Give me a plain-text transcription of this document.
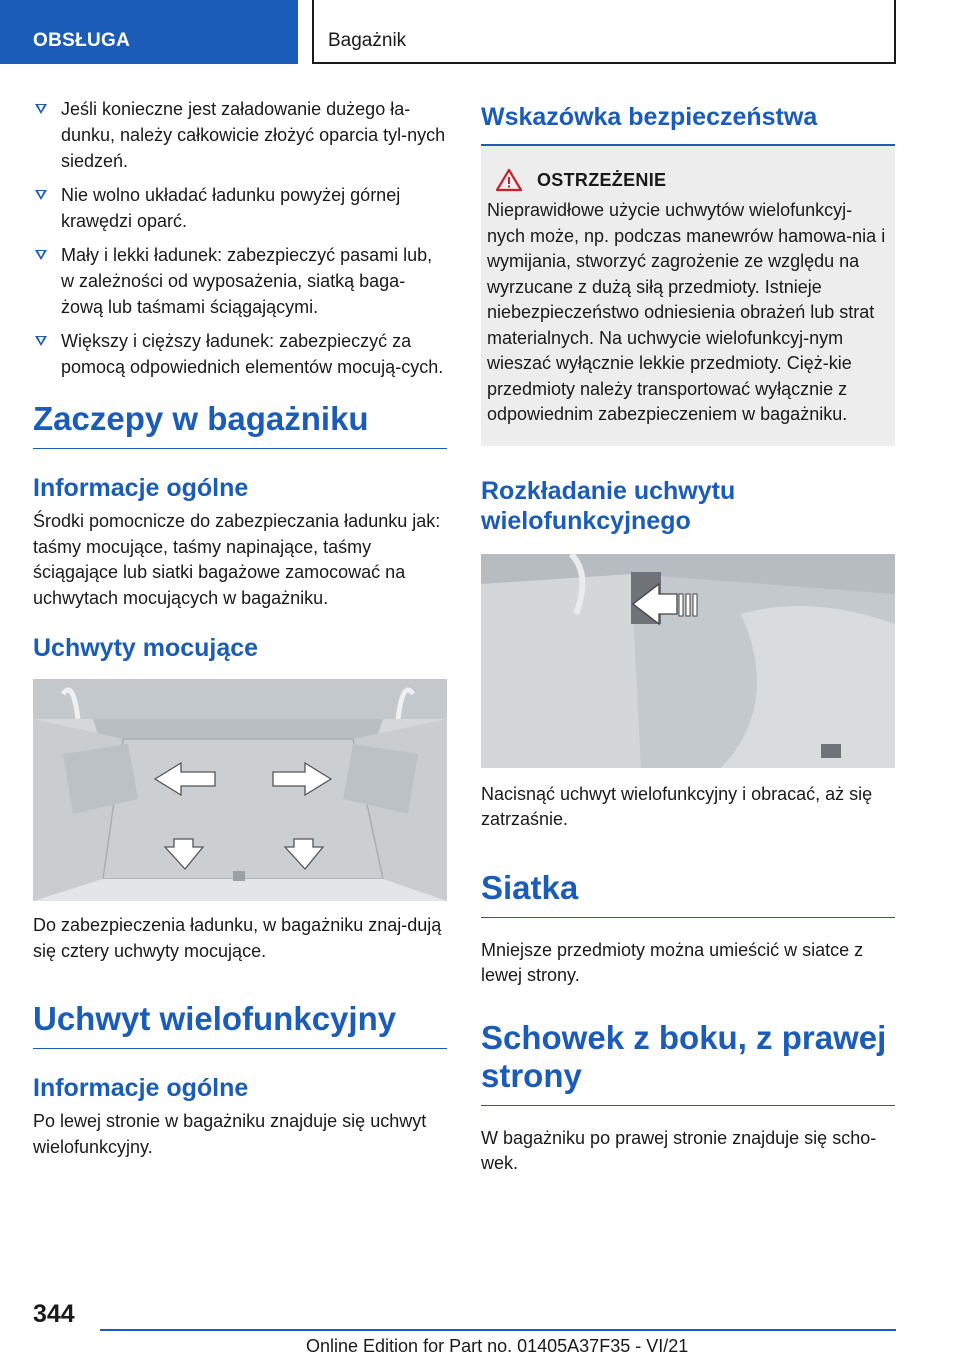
OBSŁUGA	Bagażnik
Jeśli konieczne jest załadowanie dużego ła-dunku, należy całkowicie złożyć oparcia tyl-nych siedzeń.
Nie wolno układać ładunku powyżej górnej krawędzi oparć.
Mały i lekki ładunek: zabezpieczyć pasami lub, w zależności od wyposażenia, siatką baga-żową lub taśmami ściągającymi.
Większy i cięższy ładunek: zabezpieczyć za pomocą odpowiednich elementów mocują-cych.
Zaczepy w bagażniku
Informacje ogólne

Środki pomocnicze do zabezpieczania ładunku jak: taśmy mocujące, taśmy napinające, taśmy ściągające lub siatki bagażowe zamocować na uchwytach mocujących w bagażniku.

Uchwyty mocujące

Do zabezpieczenia ładunku, w bagażniku znaj-dują się cztery uchwyty mocujące.

Uchwyt wielofunkcyjny
Informacje ogólne

Po lewej stronie w bagażniku znajduje się uchwyt wielofunkcyjny.

Wskazówka bezpieczeństwa
OSTRZEŻENIE

Nieprawidłowe użycie uchwytów wielofunkcyj-nych może, np. podczas manewrów hamowa-nia i wymijania, stworzyć zagrożenie ze względu na wyrzucane z dużą siłą przedmioty. Istnieje niebezpieczeństwo odniesienia obrażeń lub strat materialnych. Na uchwycie wielofunkcyj-nym wieszać wyłącznie lekkie przedmioty. Cięż-kie przedmioty należy transportować wyłącznie z odpowiednim zabezpieczeniem w bagażniku.

Rozkładanie uchwytu wielofunkcyjnego

Nacisnąć uchwyt wielofunkcyjny i obracać, aż się zatrzaśnie.

Siatka

Mniejsze przedmioty można umieścić w siatce z lewej strony.

Schowek z boku, z prawej strony

W bagażniku po prawej stronie znajduje się scho-wek.

344
Online Edition for Part no. 01405A37F35 - VI/21
